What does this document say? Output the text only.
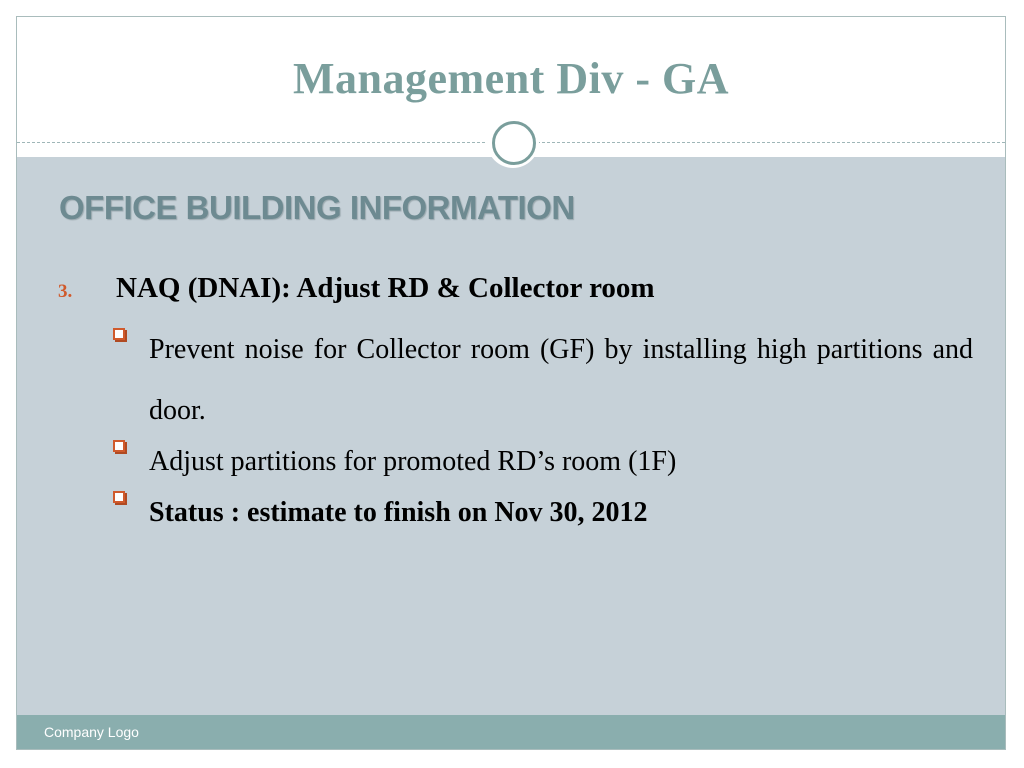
Management Div - GA
OFFICE BUILDING INFORMATION
3. NAQ (DNAI): Adjust RD & Collector room
Prevent noise for Collector room (GF) by installing high partitions and door.
Adjust partitions for promoted RD’s room (1F)
Status : estimate to finish on Nov 30, 2012
Company Logo
